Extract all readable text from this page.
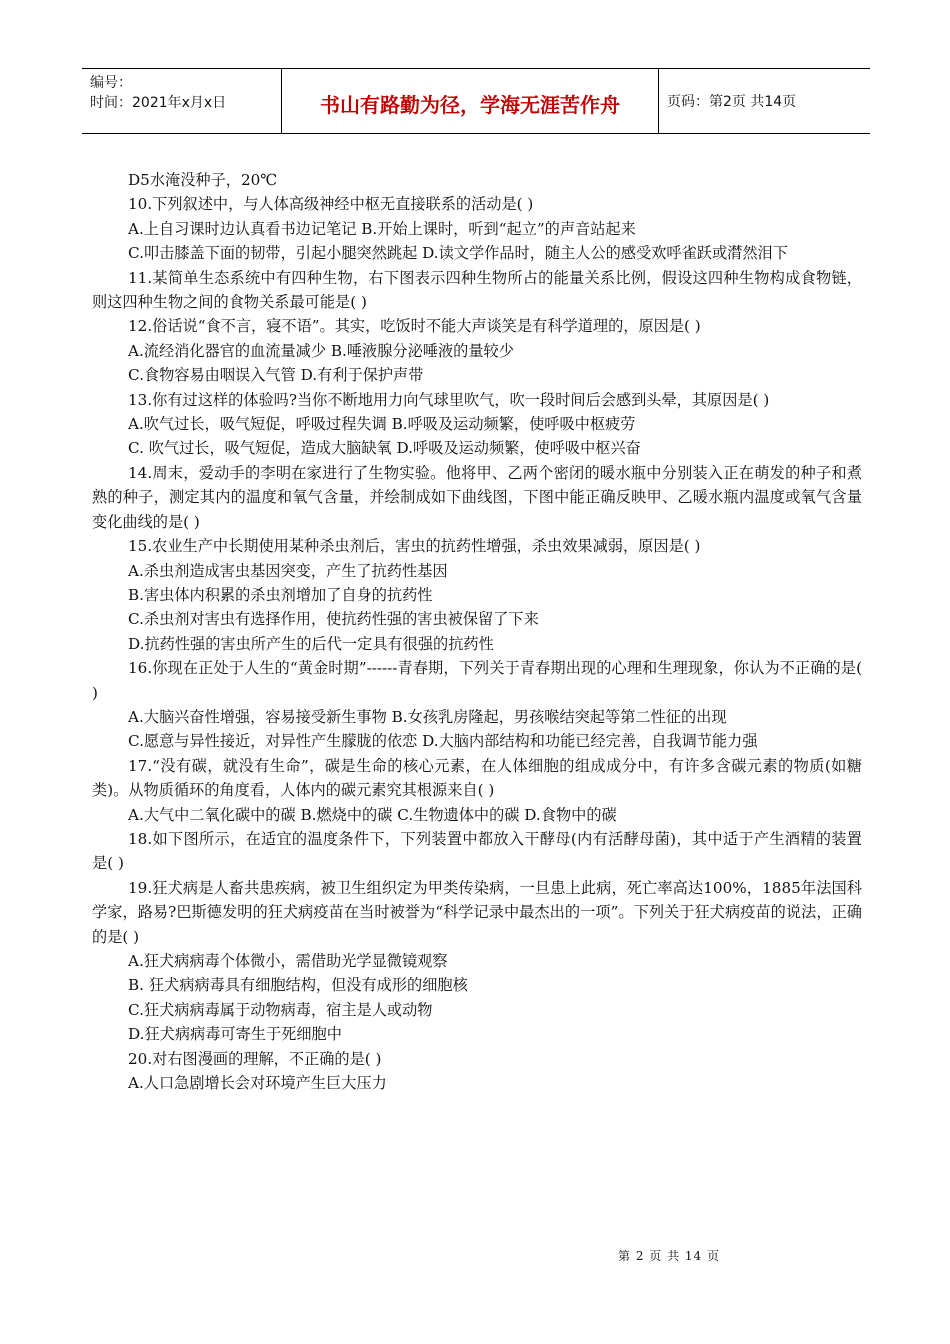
编号：
时间：2021年x月x日	书山有路勤为径，学海无涯苦作舟	页码：第2页 共14页

D5水淹没种子，20℃

10.下列叙述中，与人体高级神经中枢无直接联系的活动是( )

A.上自习课时边认真看书边记笔记 B.开始上课时，听到“起立”的声音站起来

C.叩击膝盖下面的韧带，引起小腿突然跳起 D.读文学作品时，随主人公的感受欢呼雀跃或潸然泪下

11.某简单生态系统中有四种生物，右下图表示四种生物所占的能量关系比例，假设这四种生物构成食物链，则这四种生物之间的食物关系最可能是( )

12.俗话说“食不言，寝不语”。其实，吃饭时不能大声谈笑是有科学道理的，原因是( )

A.流经消化器官的血流量减少 B.唾液腺分泌唾液的量较少

C.食物容易由咽误入气管 D.有利于保护声带

13.你有过这样的体验吗?当你不断地用力向气球里吹气，吹一段时间后会感到头晕，其原因是( )

A.吹气过长，吸气短促，呼吸过程失调 B.呼吸及运动频繁，使呼吸中枢疲劳

C. 吹气过长，吸气短促，造成大脑缺氧 D.呼吸及运动频繁，使呼吸中枢兴奋

14.周末，爱动手的李明在家进行了生物实验。他将甲、乙两个密闭的暖水瓶中分别装入正在萌发的种子和煮熟的种子，测定其内的温度和氧气含量，并绘制成如下曲线图，下图中能正确反映甲、乙暖水瓶内温度或氧气含量变化曲线的是( )

15.农业生产中长期使用某种杀虫剂后，害虫的抗药性增强，杀虫效果减弱，原因是( )

A.杀虫剂造成害虫基因突变，产生了抗药性基因

B.害虫体内积累的杀虫剂增加了自身的抗药性

C.杀虫剂对害虫有选择作用，使抗药性强的害虫被保留了下来

D.抗药性强的害虫所产生的后代一定具有很强的抗药性

16.你现在正处于人生的“黄金时期”------青春期，下列关于青春期出现的心理和生理现象，你认为不正确的是( )

A.大脑兴奋性增强，容易接受新生事物 B.女孩乳房隆起，男孩喉结突起等第二性征的出现

C.愿意与异性接近，对异性产生朦胧的依恋 D.大脑内部结构和功能已经完善，自我调节能力强

17.“没有碳，就没有生命”，碳是生命的核心元素，在人体细胞的组成成分中，有许多含碳元素的物质(如糖类)。从物质循环的角度看，人体内的碳元素究其根源来自( )

A.大气中二氧化碳中的碳 B.燃烧中的碳 C.生物遗体中的碳 D.食物中的碳

18.如下图所示，在适宜的温度条件下，下列装置中都放入干酵母(内有活酵母菌)，其中适于产生酒精的装置是( )

19.狂犬病是人畜共患疾病，被卫生组织定为甲类传染病，一旦患上此病，死亡率高达100%，1885年法国科学家，路易?巴斯德发明的狂犬病疫苗在当时被誉为“科学记录中最杰出的一项”。下列关于狂犬病疫苗的说法，正确的是( )

A.狂犬病病毒个体微小，需借助光学显微镜观察

B. 狂犬病病毒具有细胞结构，但没有成形的细胞核

C.狂犬病病毒属于动物病毒，宿主是人或动物

D.狂犬病病毒可寄生于死细胞中

20.对右图漫画的理解，不正确的是( )

A.人口急剧增长会对环境产生巨大压力

第 2 页 共 14 页
